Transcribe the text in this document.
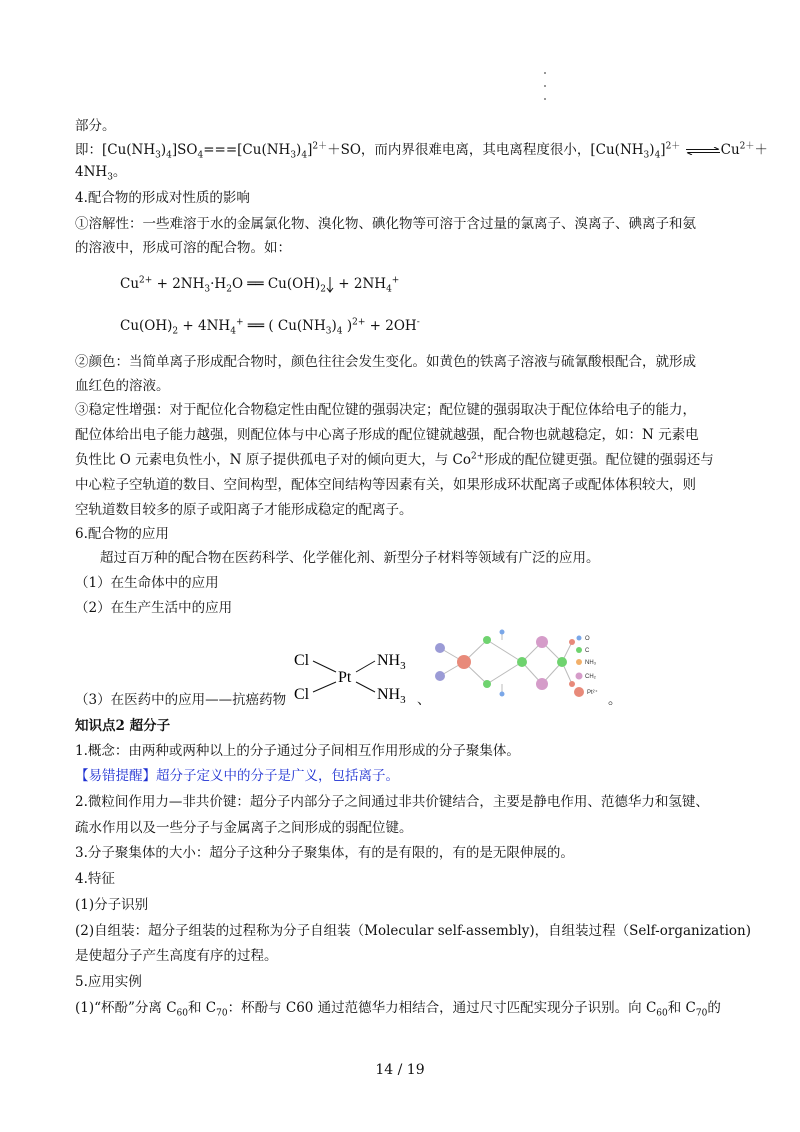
部分。
即：$[Cu(NH_3)_4]SO_4===[Cu(NH_3)_4]^{2+}+SO$，而内界很难电离，其电离程度很小，$[Cu(NH_3)_4]^{2+}$ $\rightleftharpoons Cu^{2+}+$
$4NH_3$。
4.配合物的形成对性质的影响
①溶解性：一些难溶于水的金属氯化物、溴化物、碘化物等可溶于含过量的氯离子、溴离子、碘离子和氨
的溶液中，形成可溶的配合物。如：
$Cu^{2+} + 2NH_3\cdot H_2O$ ══ $Cu(OH)_2 + 2NH_4^+$
$Cu(OH)_2 + 4NH_4^+$ ══ ( $Cu(NH_3)_4$ )$^{2+}$ + 2OH-
②颜色：当简单离子形成配合物时，颜色往往会发生变化。如黄色的铁离子溶液与硫氰酸根配合，就形成
血红色的溶液。
③稳定性增强：对于配位化合物稳定性由配位键的强弱决定；配位键的强弱取决于配位体给电子的能力，
配位体给出电子能力越强，则配位体与中心离子形成的配位键就越强，配合物也就越稳定，如：N 元素电
负性比 O 元素电负性小，N 原子提供孤电子对的倾向更大，与 $Co^{2+}$形成的配位键更强。配位键的强弱还与
中心粒子空轨道的数目、空间构型，配体空间结构等因素有关，如果形成环状配离子或配体体积较大，则
空轨道数目较多的原子或阳离子才能形成稳定的配离子。
6.配合物的应用
超过百万种的配合物在医药科学、化学催化剂、新型分子材料等领域有广泛的应用。
（1）在生命体中的应用
（2）在生产生活中的应用
Cl
Cl
Pt
$NH_3$
$NH_3$
O
C
NH₃
CH₂
Pt²⁺
（3）在医药中的应用——抗癌药物	、	。
知识点2 超分子
1.概念：由两种或两种以上的分子通过分子间相互作用形成的分子聚集体。
【易错提醒】超分子定义中的分子是广义，包括离子。
2.微粒间作用力—非共价键：超分子内部分子之间通过非共价键结合，主要是静电作用、范德华力和氢键、
疏水作用以及一些分子与金属离子之间形成的弱配位键。
3.分子聚集体的大小：超分子这种分子聚集体，有的是有限的，有的是无限伸展的。
4.特征
(1)分子识别
(2)自组装：超分子组装的过程称为分子自组装（Molecular self-assembly)，自组装过程（Self-organization)
是使超分子产生高度有序的过程。
5.应用实例
(1)“杯酚”分离 $C_{60}$和 $C_{70}$：杯酚与 C60 通过范德华力相结合，通过尺寸匹配实现分子识别。向 $C_{60}$和 $C_{70}$的
14 / 19
